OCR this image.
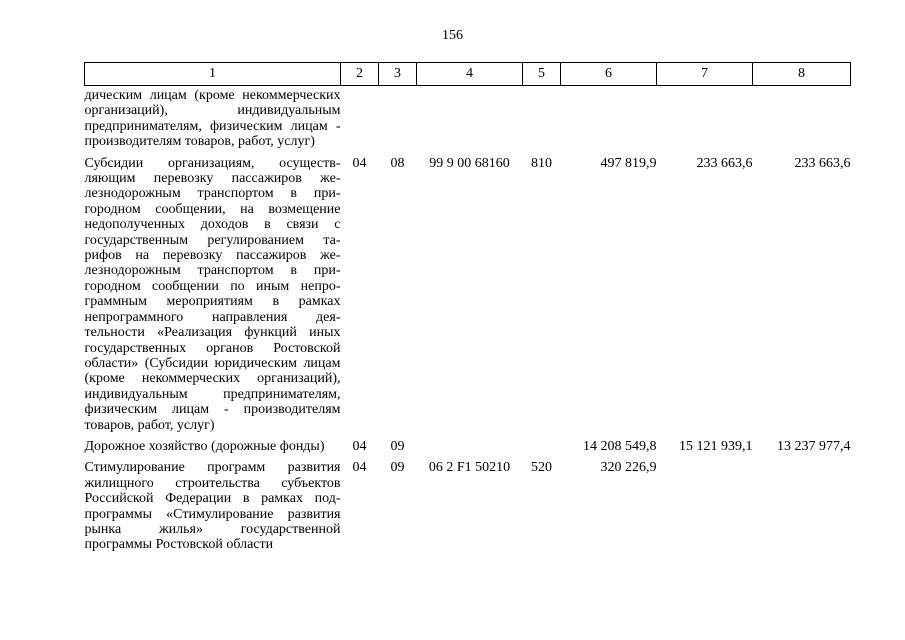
156
1	2	3	4	5	6	7	8
дическим лицам (кроме некоммерческих организаций), индивидуальным предпринимателям, физическим лицам - производителям товаров, работ, услуг)							
Субсидии организациям, осуществляющим перевозку пассажиров железнодорожным транспортом в пригородном сообщении, на возмещение недополученных доходов в связи с государственным регулированием тарифов на перевозку пассажиров железнодорожным транспортом в пригородном сообщении по иным непрограммным мероприятиям в рамках непрограммного направления деятельности «Реализация функций иных государственных органов Ростовской области» (Субсидии юридическим лицам (кроме некоммерческих организаций), индивидуальным предпринимателям, физическим лицам - производителям товаров, работ, услуг)	04	08	99 9 00 68160	810	497 819,9	233 663,6	233 663,6
Дорожное хозяйство (дорожные фонды)	04	09			14 208 549,8	15 121 939,1	13 237 977,4
Стимулирование программ развития жилищного строительства субъектов Российской Федерации в рамках подпрограммы «Стимулирование развития рынка жилья» государственной программы Ростовской области	04	09	06 2 F1 50210	520	320 226,9		
